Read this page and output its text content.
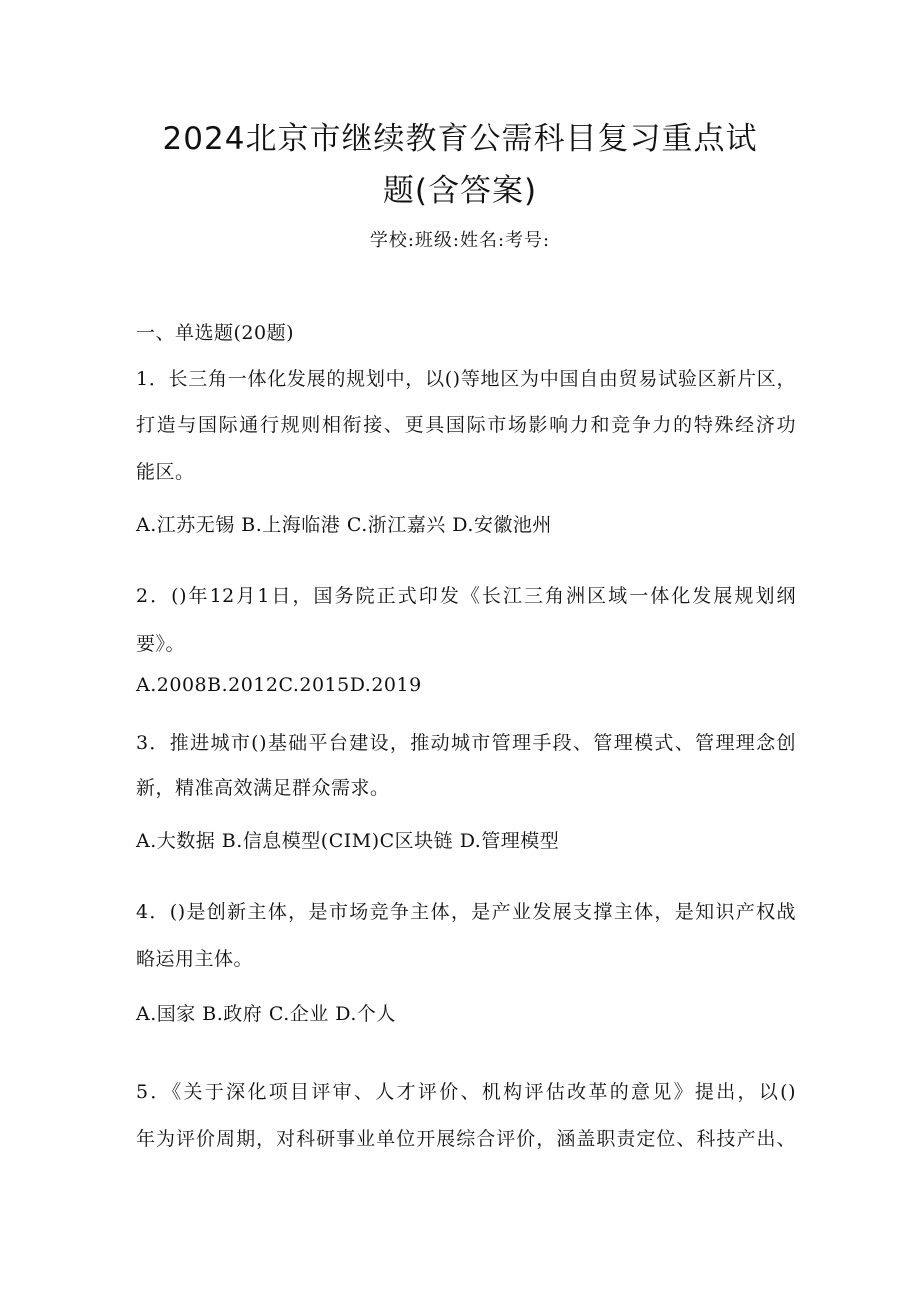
2024北京市继续教育公需科目复习重点试
题(含答案)
学校:班级:姓名:考号:
一、单选题(20题)
1．长三角一体化发展的规划中，以()等地区为中国自由贸易试验区新片区，
打造与国际通行规则相衔接、更具国际市场影响力和竞争力的特殊经济功
能区。
A.江苏无锡 B.上海临港 C.浙江嘉兴 D.安徽池州
2．()年12月1日，国务院正式印发《长江三角洲区域一体化发展规划纲
要》。
A.2008B.2012C.2015D.2019
3．推进城市()基础平台建设，推动城市管理手段、管理模式、管理理念创
新，精准高效满足群众需求。
A.大数据 B.信息模型(CIM)C区块链 D.管理模型
4．()是创新主体，是市场竞争主体，是产业发展支撑主体，是知识产权战
略运用主体。
A.国家 B.政府 C.企业 D.个人
5．《关于深化项目评审、人才评价、机构评估改革的意见》提出，以()
年为评价周期，对科研事业单位开展综合评价，涵盖职责定位、科技产出、
